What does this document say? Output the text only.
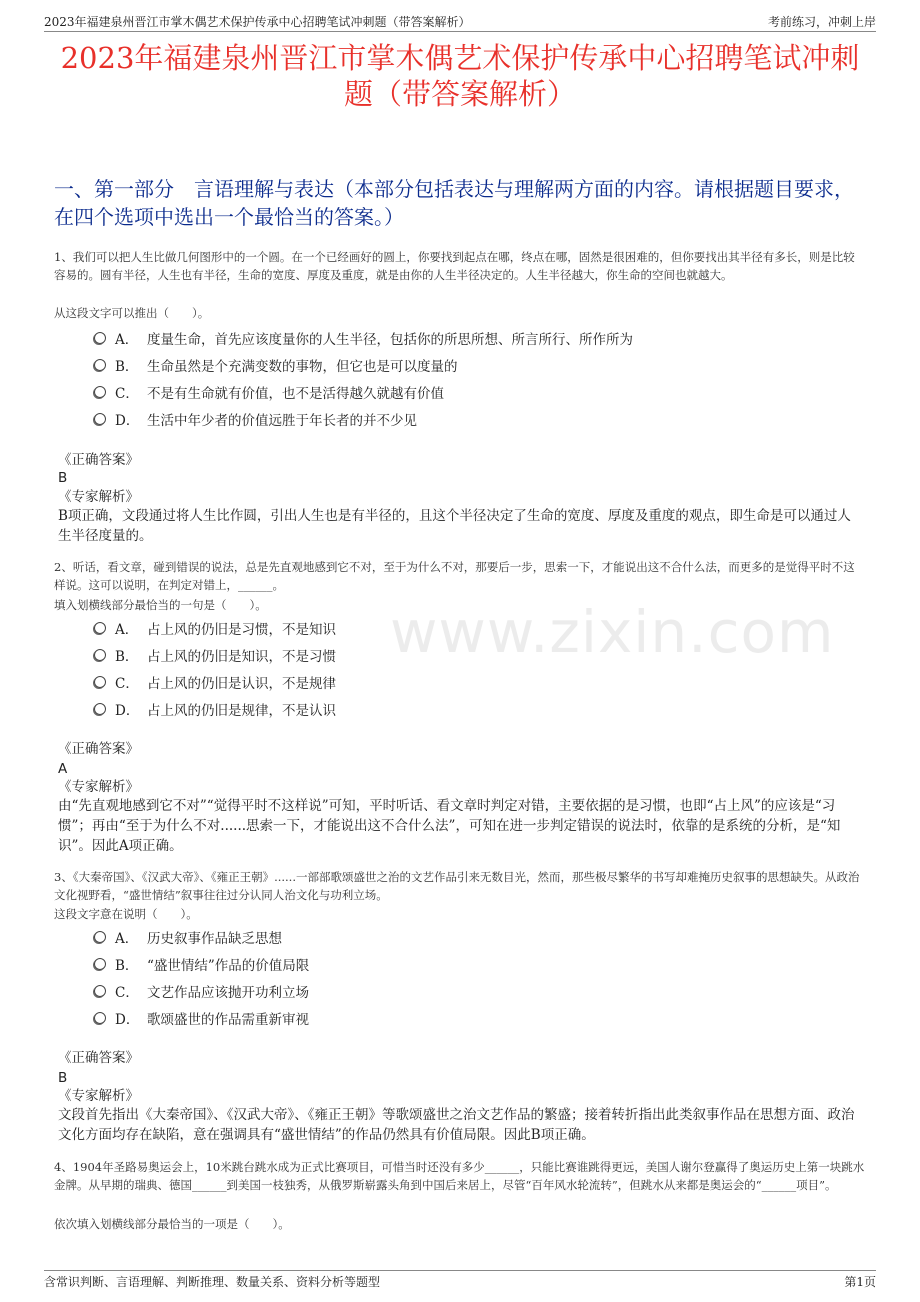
2023年福建泉州晋江市掌木偶艺术保护传承中心招聘笔试冲刺题（带答案解析）	考前练习，冲刺上岸
2023年福建泉州晋江市掌木偶艺术保护传承中心招聘笔试冲刺题（带答案解析）
一、第一部分　言语理解与表达（本部分包括表达与理解两方面的内容。请根据题目要求，在四个选项中选出一个最恰当的答案。）
www.zixin.com
1、我们可以把人生比做几何图形中的一个圆。在一个已经画好的圆上，你要找到起点在哪，终点在哪，固然是很困难的，但你要找出其半径有多长，则是比较容易的。圆有半径，人生也有半径，生命的宽度、厚度及重度，就是由你的人生半径决定的。人生半径越大，你生命的空间也就越大。
从这段文字可以推出（　　）。
A． 度量生命，首先应该度量你的人生半径，包括你的所思所想、所言所行、所作所为
B． 生命虽然是个充满变数的事物，但它也是可以度量的
C． 不是有生命就有价值，也不是活得越久就越有价值
D． 生活中年少者的价值远胜于年长者的并不少见
《正确答案》
B
《专家解析》
B项正确，文段通过将人生比作圆，引出人生也是有半径的，且这个半径决定了生命的宽度、厚度及重度的观点，即生命是可以通过人生半径度量的。
2、听话，看文章，碰到错误的说法，总是先直观地感到它不对，至于为什么不对，那要后一步，思索一下，才能说出这不合什么法，而更多的是觉得平时不这样说。这可以说明，在判定对错上，______。
填入划横线部分最恰当的一句是（　　）。
A． 占上风的仍旧是习惯，不是知识
B． 占上风的仍旧是知识，不是习惯
C． 占上风的仍旧是认识，不是规律
D． 占上风的仍旧是规律，不是认识
《正确答案》
A
《专家解析》
由“先直观地感到它不对”“觉得平时不这样说”可知，平时听话、看文章时判定对错，主要依据的是习惯，也即“占上风”的应该是“习惯”；再由“至于为什么不对......思索一下，才能说出这不合什么法”，可知在进一步判定错误的说法时，依靠的是系统的分析，是“知识”。因此A项正确。
3、《大秦帝国》、《汉武大帝》、《雍正王朝》......一部部歌颂盛世之治的文艺作品引来无数目光，然而，那些极尽繁华的书写却难掩历史叙事的思想缺失。从政治文化视野看，“盛世情结”叙事往往过分认同人治文化与功利立场。
这段文字意在说明（　　）。
A． 历史叙事作品缺乏思想
B． “盛世情结”作品的价值局限
C． 文艺作品应该抛开功利立场
D． 歌颂盛世的作品需重新审视
《正确答案》
B
《专家解析》
文段首先指出《大秦帝国》、《汉武大帝》、《雍正王朝》等歌颂盛世之治文艺作品的繁盛；接着转折指出此类叙事作品在思想方面、政治文化方面均存在缺陷，意在强调具有“盛世情结”的作品仍然具有价值局限。因此B项正确。
4、1904年圣路易奥运会上，10米跳台跳水成为正式比赛项目，可惜当时还没有多少______，只能比赛谁跳得更远，美国人谢尔登赢得了奥运历史上第一块跳水金牌。从早期的瑞典、德国______到美国一枝独秀，从俄罗斯崭露头角到中国后来居上，尽管“百年风水轮流转”，但跳水从来都是奥运会的“______项目”。
依次填入划横线部分最恰当的一项是（　　）。
含常识判断、言语理解、判断推理、数量关系、资料分析等题型	第1页
